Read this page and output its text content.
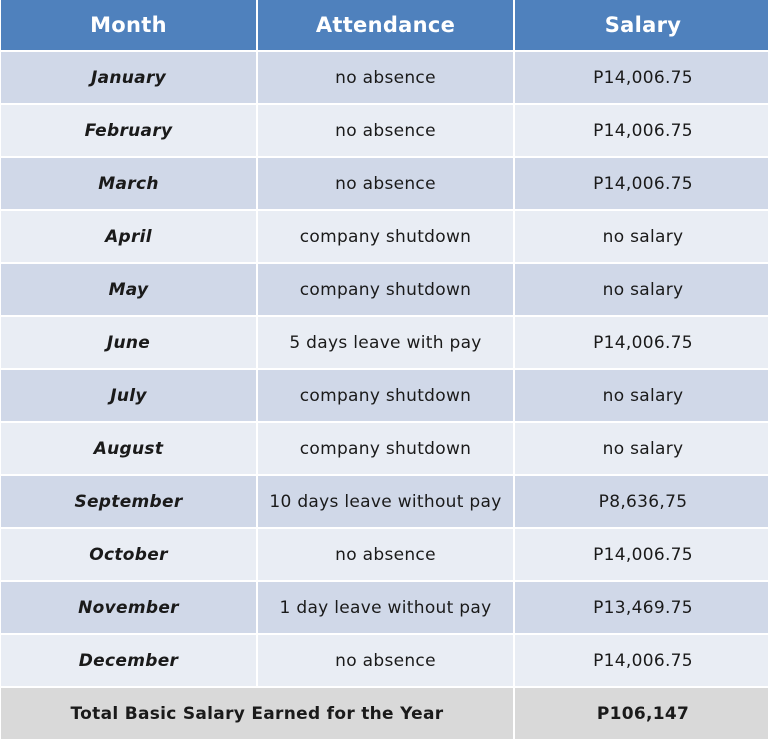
Month	Attendance	Salary
January	no absence	P14,006.75
February	no absence	P14,006.75
March	no absence	P14,006.75
April	company shutdown	no salary
May	company shutdown	no salary
June	5 days leave with pay	P14,006.75
July	company shutdown	no salary
August	company shutdown	no salary
September	10 days leave without pay	P8,636,75
October	no absence	P14,006.75
November	1 day leave without pay	P13,469.75
December	no absence	P14,006.75
Total Basic Salary Earned for the Year		P106,147
